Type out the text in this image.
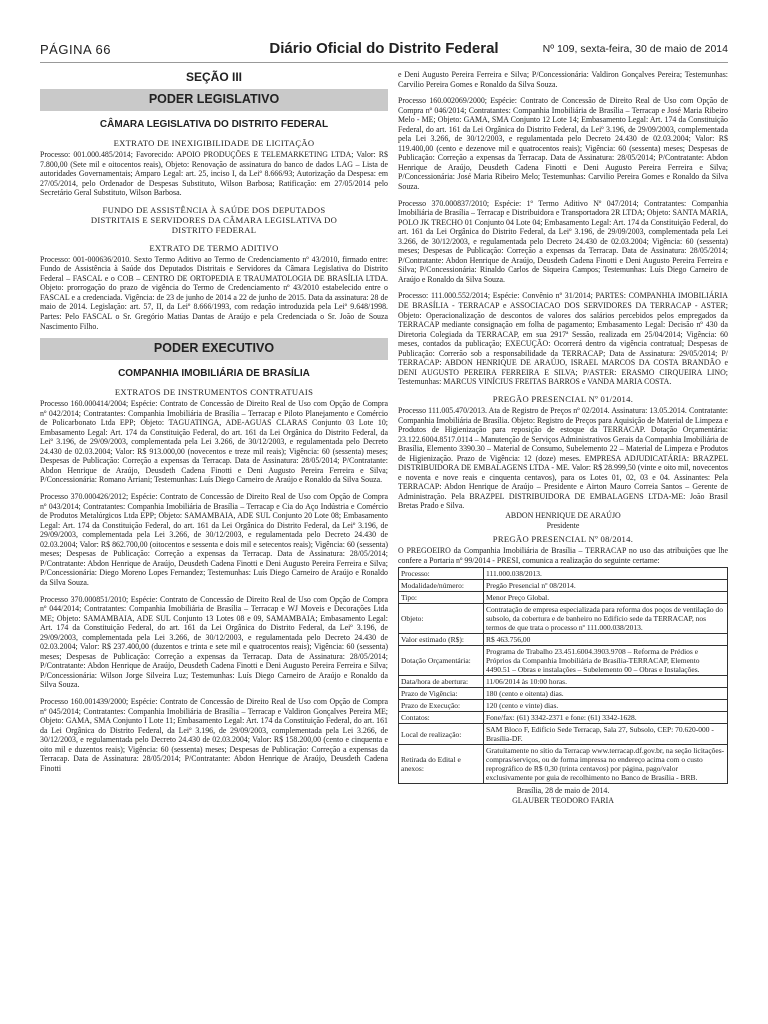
PÁGINA 66	Diário Oficial do Distrito Federal	Nº 109, sexta-feira, 30 de maio de 2014
SEÇÃO III
PODER LEGISLATIVO
CÂMARA LEGISLATIVA DO DISTRITO FEDERAL
EXTRATO DE INEXIGIBILIDADE DE LICITAÇÃO

Processo: 001.000.485/2014; Favorecido: APOIO PRODUÇÕES E TELEMARKETING LTDA; Valor: R$ 7.800,00 (Sete mil e oitocentos reais), Objeto: Renovação de assinatura do banco de dados LAG – Lista de autoridades Governamentais; Amparo Legal: art. 25, inciso I, da Leiº 8.666/93; Autorização da Despesa: em 27/05/2014, pelo Ordenador de Despesas Substituto, Wilson Barbosa; Ratificação: em 27/05/2014 pelo Secretário Geral Substituto, Wilson Barbosa.

FUNDO DE ASSISTÊNCIA À SAÚDE DOS DEPUTADOS DISTRITAIS E SERVIDORES DA CÂMARA LEGISLATIVA DO DISTRITO FEDERAL
EXTRATO DE TERMO ADITIVO

Processo: 001-000636/2010. Sexto Termo Aditivo ao Termo de Credenciamento nº 43/2010, firmado entre: Fundo de Assistência à Saúde dos Deputados Distritais e Servidores da Câmara Legislativa do Distrito Federal – FASCAL e o COB – CENTRO DE ORTOPEDIA E TRAUMATOLOGIA DE BRASÍLIA LTDA. Objeto: prorrogação do prazo de vigência do Termo de Credenciamento nº 43/2010 estabelecido entre o FASCAL e a credenciada. Vigência: de 23 de junho de 2014 a 22 de junho de 2015. Data da assinatura: 28 de maio de 2014. Legislação: art. 57, II, da Leiº 8.666/1993, com redação introduzida pela Leiº 9.648/1998. Partes: Pelo FASCAL o Sr. Gregório Matias Dantas de Araújo e pela Credenciada o Sr. João de Souza Nascimento Filho.

PODER EXECUTIVO
COMPANHIA IMOBILIÁRIA DE BRASÍLIA
EXTRATOS DE INSTRUMENTOS CONTRATUAIS

Processo 160.000414/2004; Espécie: Contrato de Concessão de Direito Real de Uso com Opção de Compra nº 042/2014; Contratantes: Companhia Imobiliária de Brasília – Terracap e Piloto Planejamento e Comércio de Policarbonato Ltda EPP; Objeto: TAGUATINGA, ADE-AGUAS CLARAS Conjunto 03 Lote 10; Embasamento Legal: Art. 174 da Constituição Federal, do art. 161 da Lei Orgânica do Distrito Federal, da Leiº 3.196, de 29/09/2003, complementada pela Lei 3.266, de 30/12/2003, e regulamentada pelo Decreto 24.430 de 02.03.2004; Valor: R$ 913.000,00 (novecentos e treze mil reais); Vigência: 60 (sessenta) meses; Despesas de Publicação: Correção a expensas da Terracap. Data de Assinatura: 28/05/2014; P/Contratante: Abdon Henrique de Araújo, Deusdeth Cadena Finotti e Deni Augusto Pereira Ferreira e Silva; P/Concessionária: Romano Arriani; Testemunhas: Luís Diego Carneiro de Araújo e Ronaldo da Silva Souza.

Processo 370.000426/2012; Espécie: Contrato de Concessão de Direito Real de Uso com Opção de Compra nº 043/2014; Contratantes: Companhia Imobiliária de Brasília – Terracap e Cia do Aço Indústria e Comércio de Produtos Metalúrgicos Ltda EPP; Objeto: SAMAMBAIA, ADE SUL Conjunto 20 Lote 08; Embasamento Legal: Art. 174 da Constituição Federal, do art. 161 da Lei Orgânica do Distrito Federal, da Leiº 3.196, de 29/09/2003, complementada pela Lei 3.266, de 30/12/2003, e regulamentada pelo Decreto 24.430 de 02.03.2004; Valor: R$ 862.700,00 (oitocentos e sessenta e dois mil e setecentos reais); Vigência: 60 (sessenta) meses; Despesas de Publicação: Correção a expensas da Terracap. Data de Assinatura: 28/05/2014; P/Contratante: Abdon Henrique de Araújo, Deusdeth Cadena Finotti e Deni Augusto Pereira Ferreira e Silva; P/Concessionária: Diego Moreno Lopes Fernandez; Testemunhas: Luís Diego Carneiro de Araújo e Ronaldo da Silva Souza.

Processo 370.000851/2010; Espécie: Contrato de Concessão de Direito Real de Uso com Opção de Compra nº 044/2014; Contratantes: Companhia Imobiliária de Brasília – Terracap e WJ Moveis e Decorações Ltda ME; Objeto: SAMAMBAIA, ADE SUL Conjunto 13 Lotes 08 e 09, SAMAMBAIA; Embasamento Legal: Art. 174 da Constituição Federal, do art. 161 da Lei Orgânica do Distrito Federal, da Leiº 3.196, de 29/09/2003, complementada pela Lei 3.266, de 30/12/2003, e regulamentada pelo Decreto 24.430 de 02.03.2004; Valor: R$ 237.400,00 (duzentos e trinta e sete mil e quatrocentos reais); Vigência: 60 (sessenta) meses; Despesas de Publicação: Correção a expensas da Terracap. Data de Assinatura: 28/05/2014; P/Contratante: Abdon Henrique de Araújo, Deusdeth Cadena Finotti e Deni Augusto Pereira Ferreira e Silva; P/Concessionária: Wilson Jorge Silveira Luz; Testemunhas: Luís Diego Carneiro de Araújo e Ronaldo da Silva Souza.

Processo 160.001439/2000; Espécie: Contrato de Concessão de Direito Real de Uso com Opção de Compra nº 045/2014; Contratantes: Companhia Imobiliária de Brasília – Terracap e Valdiron Gonçalves Pereira ME; Objeto: GAMA, SMA Conjunto I Lote 11; Embasamento Legal: Art. 174 da Constituição Federal, do art. 161 da Lei Orgânica do Distrito Federal, da Leiº 3.196, de 29/09/2003, complementada pela Lei 3.266, de 30/12/2003, e regulamentada pelo Decreto 24.430 de 02.03.2004; Valor: R$ 158.200,00 (cento e cinquenta e oito mil e duzentos reais); Vigência: 60 (sessenta) meses; Despesas de Publicação: Correção a expensas da Terracap. Data de Assinatura: 28/05/2014; P/Contratante: Abdon Henrique de Araújo, Deusdeth Cadena Finotti

e Deni Augusto Pereira Ferreira e Silva; P/Concessionária: Valdiron Gonçalves Pereira; Testemunhas: Carvilio Pereira Gomes e Ronaldo da Silva Souza.

Processo 160.002069/2000; Espécie: Contrato de Concessão de Direito Real de Uso com Opção de Compra nº 046/2014; Contratantes: Companhia Imobiliária de Brasília – Terracap e José Maria Ribeiro Melo - ME; Objeto: GAMA, SMA Conjunto 12 Lote 14; Embasamento Legal: Art. 174 da Constituição Federal, do art. 161 da Lei Orgânica do Distrito Federal, da Leiº 3.196, de 29/09/2003, complementada pela Lei 3.266, de 30/12/2003, e regulamentada pelo Decreto 24.430 de 02.03.2004; Valor: R$ 119.400,00 (cento e dezenove mil e quatrocentos reais); Vigência: 60 (sessenta) meses; Despesas de Publicação: Correção a expensas da Terracap. Data de Assinatura: 28/05/2014; P/Contratante: Abdon Henrique de Araújo, Deusdeth Cadena Finotti e Deni Augusto Pereira Ferreira e Silva; P/Concessionária: José Maria Ribeiro Melo; Testemunhas: Carvilio Pereira Gomes e Ronaldo da Silva Souza.

Processo 370.000837/2010; Espécie: 1º Termo Aditivo Nº 047/2014; Contratantes: Companhia Imobiliária de Brasília – Terracap e Distribuidora e Transportadora 2R LTDA; Objeto: SANTA MARIA, POLO JK TRECHO 01 Conjunto 04 Lote 04; Embasamento Legal: Art. 174 da Constituição Federal, do art. 161 da Lei Orgânica do Distrito Federal, da Leiº 3.196, de 29/09/2003, complementada pela Lei 3.266, de 30/12/2003, e regulamentada pelo Decreto 24.430 de 02.03.2004; Vigência: 60 (sessenta) meses; Despesas de Publicação: Correção a expensas da Terracap. Data de Assinatura: 28/05/2014; P/Contratante: Abdon Henrique de Araújo, Deusdeth Cadena Finotti e Deni Augusto Pereira Ferreira e Silva; P/Concessionária: Rinaldo Carlos de Siqueira Campos; Testemunhas: Luís Diego Carneiro de Araújo e Ronaldo da Silva Souza.

Processo: 111.000.552/2014; Espécie: Convênio nº 31/2014; PARTES: COMPANHIA IMOBILIÁRIA DE BRASÍLIA - TERRACAP e ASSOCIACAO DOS SERVIDORES DA TERRACAP - ASTER; Objeto: Operacionalização de descontos de valores dos salários percebidos pelos empregados da TERRACAP mediante consignação em folha de pagamento; Embasamento Legal: Decisão nº 430 da Diretoria Colegiada da TERRACAP, em sua 2917ª Sessão, realizada em 25/04/2014; Vigência: 60 meses, contados da publicação; EXECUÇÃO: Ocorrerá dentro da vigência contratual; Despesas de Publicação: Correrão sob a responsabilidade da TERRACAP; Data de Assinatura: 29/05/2014; P/ TERRACAP: ABDON HENRIQUE DE ARAÚJO, ISRAEL MARCOS DA COSTA BRANDÃO e DENI AUGUSTO PEREIRA FERREIRA E SILVA; P/ASTER: ERASMO CIRQUEIRA LINO; Testemunhas: MARCUS VINÍCIUS FREITAS BARROS e VANDA MARIA COSTA.

PREGÃO PRESENCIAL Nº 01/2014.

Processo 111.005.470/2013. Ata de Registro de Preços nº 02/2014. Assinatura: 13.05.2014. Contratante: Companhia Imobiliária de Brasília. Objeto: Registro de Preços para Aquisição de Material de Limpeza e Produtos de Higienização para reposição de estoque da TERRACAP. Dotação Orçamentária: 23.122.6004.8517.0114 – Manutenção de Serviços Administrativos Gerais da Companhia Imobiliária de Brasília, Elemento 3390.30 – Material de Consumo, Subelemento 22 – Material de Limpeza e Produtos de Higienização. Prazo de Vigência: 12 (doze) meses. EMPRESA ADJUDICATÁRIA: BRAZPEL DISTRIBUIDORA DE EMBALAGENS LTDA - ME. Valor: R$ 28.999,50 (vinte e oito mil, novecentos e noventa e nove reais e cinquenta centavos), para os Lotes 01, 02, 03 e 04. Assinantes: Pela TERRACAP: Abdon Henrique de Araújo – Presidente e Airton Mauro Correia Santos – Gerente de Administração. Pela BRAZPEL DISTRIBUIDORA DE EMBALAGENS LTDA-ME: João Brasil Bretas Prado e Silva.

ABDON HENRIQUE DE ARAÚJO
Presidente
PREGÃO PRESENCIAL Nº 08/2014.

O PREGOEIRO da Companhia Imobiliária de Brasília – TERRACAP no uso das atribuições que lhe confere a Portaria nº 99/2014 - PRESI, comunica a realização do seguinte certame:

Processo:	111.000.038/2013.
Modalidade/número:	Pregão Presencial nº 08/2014.
Tipo:	Menor Preço Global.
Objeto:	Contratação de empresa especializada para reforma dos poços de ventilação do subsolo, da cobertura e de banheiro no Edifício sede da TERRACAP, nos termos de que trata o processo nº 111.000.038/2013.
Valor estimado (R$):	R$ 463.756,00
Dotação Orçamentária:	Programa de Trabalho 23.451.6004.3903.9708 – Reforma de Prédios e Próprios da Companhia Imobiliária de Brasília-TERRACAP, Elemento 4490.51 – Obras e instalações – Subelemento 00 – Obras e Instalações.
Data/hora de abertura:	11/06/2014 às 10:00 horas.
Prazo de Vigência:	180 (cento e oitenta) dias.
Prazo de Execução:	120 (cento e vinte) dias.
Contatos:	Fone/fax: (61) 3342-2371 e fone: (61) 3342-1628.
Local de realização:	SAM Bloco F, Edifício Sede Terracap, Sala 27, Subsolo, CEP: 70.620-000 - Brasília-DF.
Retirada do Edital e anexos:	Gratuitamente no sítio da Terracap www.terracap.df.gov.br, na seção licitações-compras/serviços, ou de forma impressa no endereço acima com o custo reprográfico de R$ 0,30 (trinta centavos) por página, pago/valor exclusivamente por guia de recolhimento no Banco de Brasília - BRB.
Brasília, 28 de maio de 2014.
GLAUBER TEODORO FARIA
